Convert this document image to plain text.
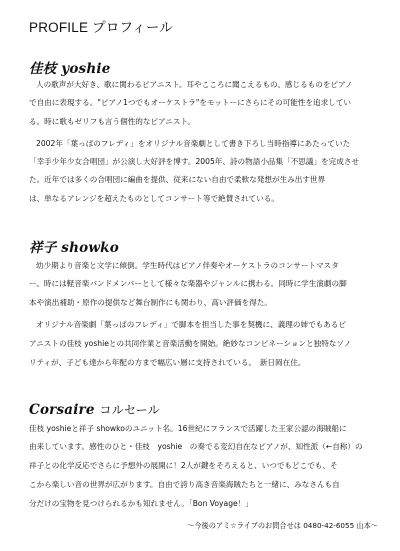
PROFILE プロフィール
佳枝 yoshie
人の歌声が大好き、歌に関わるピアニスト。耳やこころに聞こえるもの、感じるものをピアノ
で自由に表現する。"ピアノ1つでもオーケストラ"をモットーにさらにその可能性を追求してい
る。時に歌もゼリフも言う個性的なピアニスト。
2002年「葉っぱのフレディ」をオリジナル音楽劇として書き下ろし当時指導にあたっていた
「幸手少年少女合唱団」が公演し大好評を博す。2005年、詩の物語小品集「不思議」を完成させ
た。近年では多くの合唱団に編曲を提供、従来にない自由で柔軟な発想が生み出す世界
は、単なるアレンジを超えたものとしてコンサート等で絶賛されている。
祥子 showko
幼少期より音楽と文学に傾倒。学生時代はピアノ伴奏やオーケストラのコンサートマスタ
ー、時には軽音楽バンドメンバーとして様々な楽器やジャンルに携わる。同時に学生演劇の脚
本や演出補助・原作の提供など舞台制作にも関わり、高い評価を得た。
オリジナル音楽劇「葉っぱのフレディ」で脚本を担当した事を契機に、義理の姉でもあるピ
アニストの佳枝 yoshieとの共同作業と音楽活動を開始。絶妙なコンビネーションと独特なソノ
リティが、子ども達から年配の方まで幅広い層に支持されている。　新日岡在住。
Corsaire コルセール
佳枝 yoshieと祥子 showkoのユニット名。16世紀にフランスで活躍した王家公認の海賊船に
由来しています。感性のひと・佳枝　yoshie　の奏でる変幻自在なピアノが、知性派（←自称）の
祥子との化学反応でさらに予想外の展開に！2人が鍵をそろえると、いつでもどこでも、そ
こから楽しい音の世界が広がります。自由で誇り高き音楽海賊たちと一緒に、みなさんも自
分だけの宝物を見つけられるかも知れません。「Bon Voyage！」
〜今後のアミ☆ライブのお問合せは 0480-42-6055 山本〜
